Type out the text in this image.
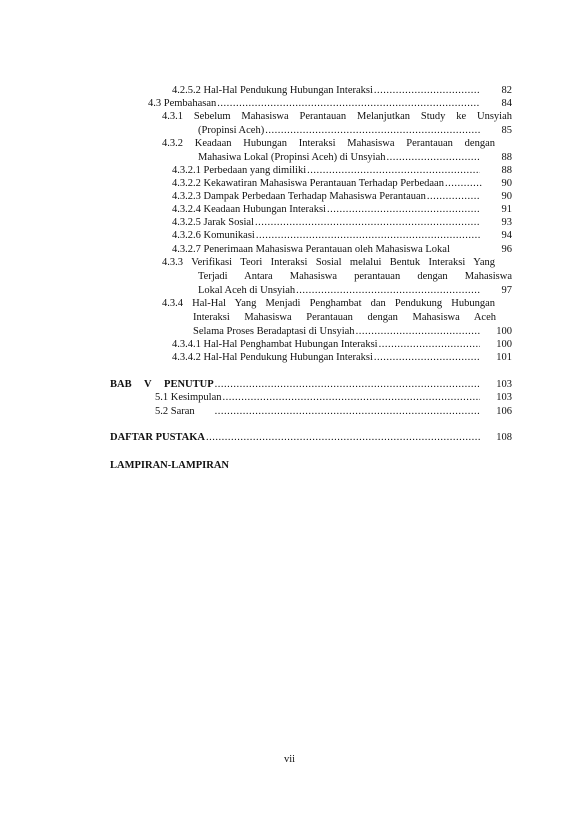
4.2.5.2 Hal-Hal Pendukung Hubungan Interaksi .....	82
4.3 Pembahasan .....	84
4.3.1 Sebelum Mahasiswa Perantauan Melanjutkan Study ke Unsyiah
(Propinsi Aceh) .....	85
4.3.2 Keadaan Hubungan Interaksi Mahasiswa Perantauan dengan
Mahasiwa Lokal (Propinsi Aceh) di Unsyiah .....	88
4.3.2.1 Perbedaan yang dimiliki .....	88
4.3.2.2 Kekawatiran Mahasiswa Perantauan Terhadap Perbedaan .....	90
4.3.2.3 Dampak Perbedaan Terhadap Mahasiswa Perantauan .....	90
4.3.2.4 Keadaan Hubungan Interaksi .....	91
4.3.2.5 Jarak Sosial .....	93
4.3.2.6 Komunikasi .....	94
4.3.2.7 Penerimaan Mahasiswa Perantauan oleh Mahasiswa Lokal	96
4.3.3 Verifikasi Teori Interaksi Sosial melalui Bentuk Interaksi Yang
Terjadi Antara Mahasiswa perantauan dengan Mahasiswa
Lokal Aceh di Unsyiah .....	97
4.3.4 Hal-Hal Yang Menjadi Penghambat dan Pendukung Hubungan
Interaksi Mahasiswa Perantauan dengan Mahasiswa Aceh
Selama Proses Beradaptasi di Unsyiah .....	100
4.3.4.1 Hal-Hal Penghambat Hubungan Interaksi .....	100
4.3.4.2 Hal-Hal Pendukung Hubungan Interaksi .....	101
BAB V PENUTUP .....	103
5.1 Kesimpulan .....	103
5.2 Saran .....	106
DAFTAR PUSTAKA .....	108
LAMPIRAN-LAMPIRAN
vii
